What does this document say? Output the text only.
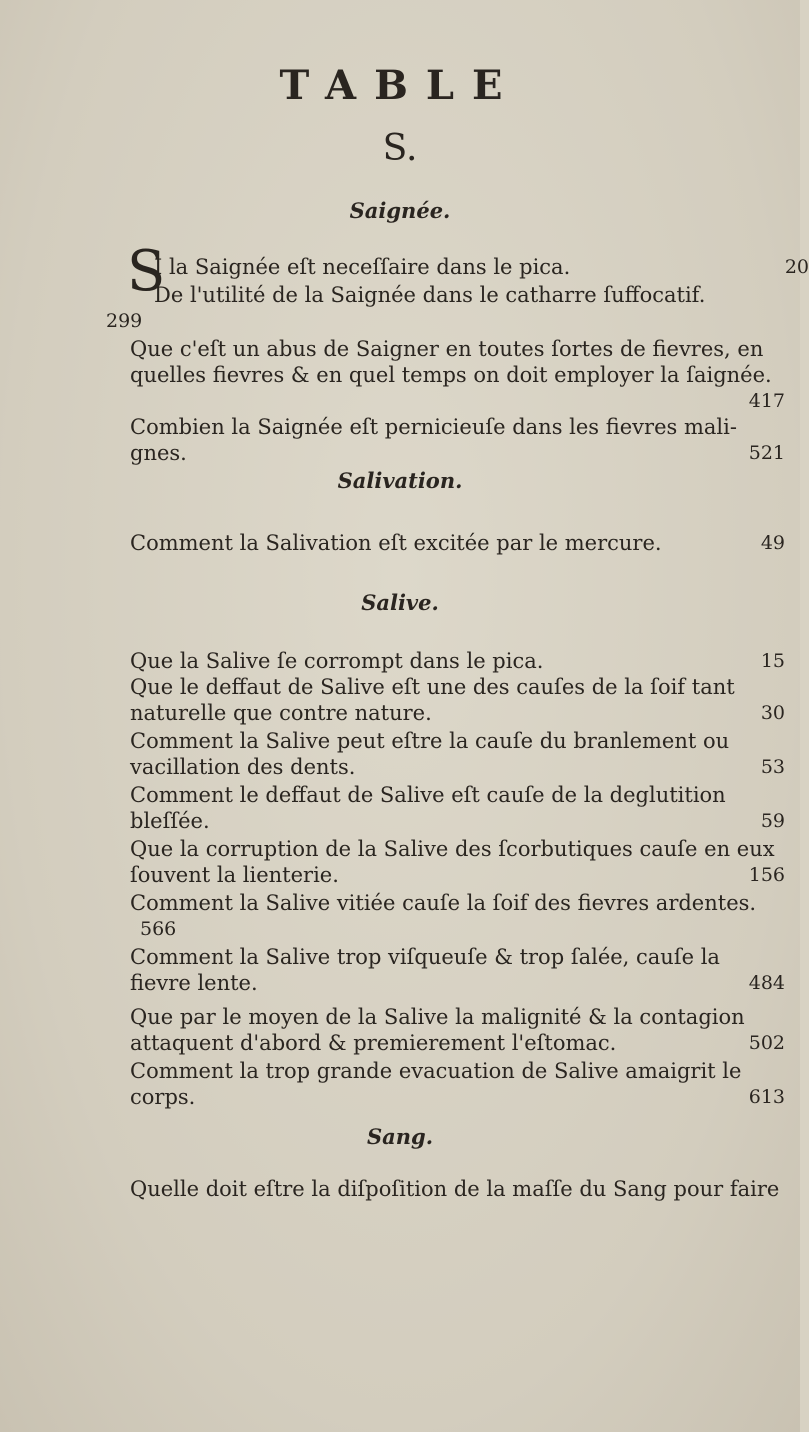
TABLE
S.
Saignée.
S
I la Saignée eſt neceſſaire dans le pica.	20
De l'utilité de la Saignée dans le catharre ſuffocatif.
299
Que c'eſt un abus de Saigner en toutes ſortes de fievres, en quelles fievres & en quel temps on doit employer la ſaignée.
417
Combien la Saignée eſt pernicieuſe dans les fievres mali-gnes.	521
Salivation.
Comment la Salivation eſt excitée par le mercure.	49
Salive.
Que la Salive ſe corrompt dans le pica.	15
Que le deffaut de Salive eſt une des cauſes de la ſoif tant naturelle que contre nature.	30
Comment la Salive peut eſtre la cauſe du branlement ou vacillation des dents.	53
Comment le deffaut de Salive eſt cauſe de la deglutition bleſſée.	59
Que la corruption de la Salive des ſcorbutiques cauſe en eux ſouvent la lienterie.	156
Comment la Salive vitiée cauſe la ſoif des fievres ardentes.
566
Comment la Salive trop viſqueuſe & trop ſalée, cauſe la fievre lente.	484
Que par le moyen de la Salive la malignité & la contagion attaquent d'abord & premierement l'eſtomac.	502
Comment la trop grande evacuation de Salive amaigrit le corps.	613
Sang.
Quelle doit eſtre la diſpoſition de la maſſe du Sang pour faire
